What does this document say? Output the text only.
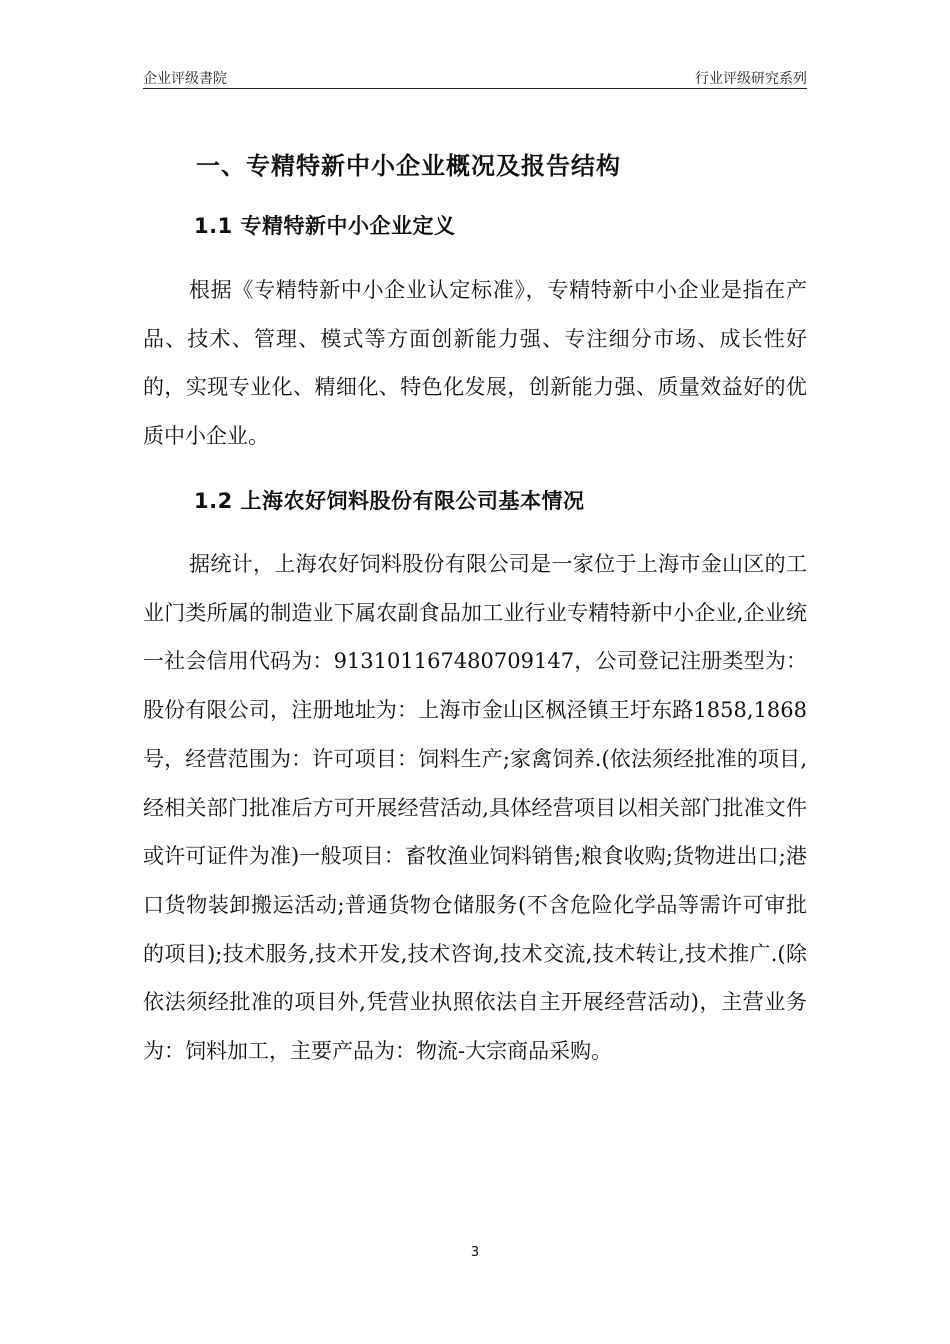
企业评级書院	行业评级研究系列
一、专精特新中小企业概况及报告结构
1.1 专精特新中小企业定义

根据《专精特新中小企业认定标准》，专精特新中小企业是指在产品、技术、管理、模式等方面创新能力强、专注细分市场、成长性好的，实现专业化、精细化、特色化发展，创新能力强、质量效益好的优质中小企业。

1.2 上海农好饲料股份有限公司基本情况

据统计，上海农好饲料股份有限公司是一家位于上海市金山区的工业门类所属的制造业下属农副食品加工业行业专精特新中小企业,企业统一社会信用代码为：913101167480709147，公司登记注册类型为：股份有限公司，注册地址为：上海市金山区枫泾镇王圩东路1858,1868号，经营范围为：许可项目：饲料生产;家禽饲养.(依法须经批准的项目,经相关部门批准后方可开展经营活动,具体经营项目以相关部门批准文件或许可证件为准)一般项目：畜牧渔业饲料销售;粮食收购;货物进出口;港口货物装卸搬运活动;普通货物仓储服务(不含危险化学品等需许可审批的项目);技术服务,技术开发,技术咨询,技术交流,技术转让,技术推广.(除依法须经批准的项目外,凭营业执照依法自主开展经营活动)，主营业务为：饲料加工，主要产品为：物流-大宗商品采购。

3
